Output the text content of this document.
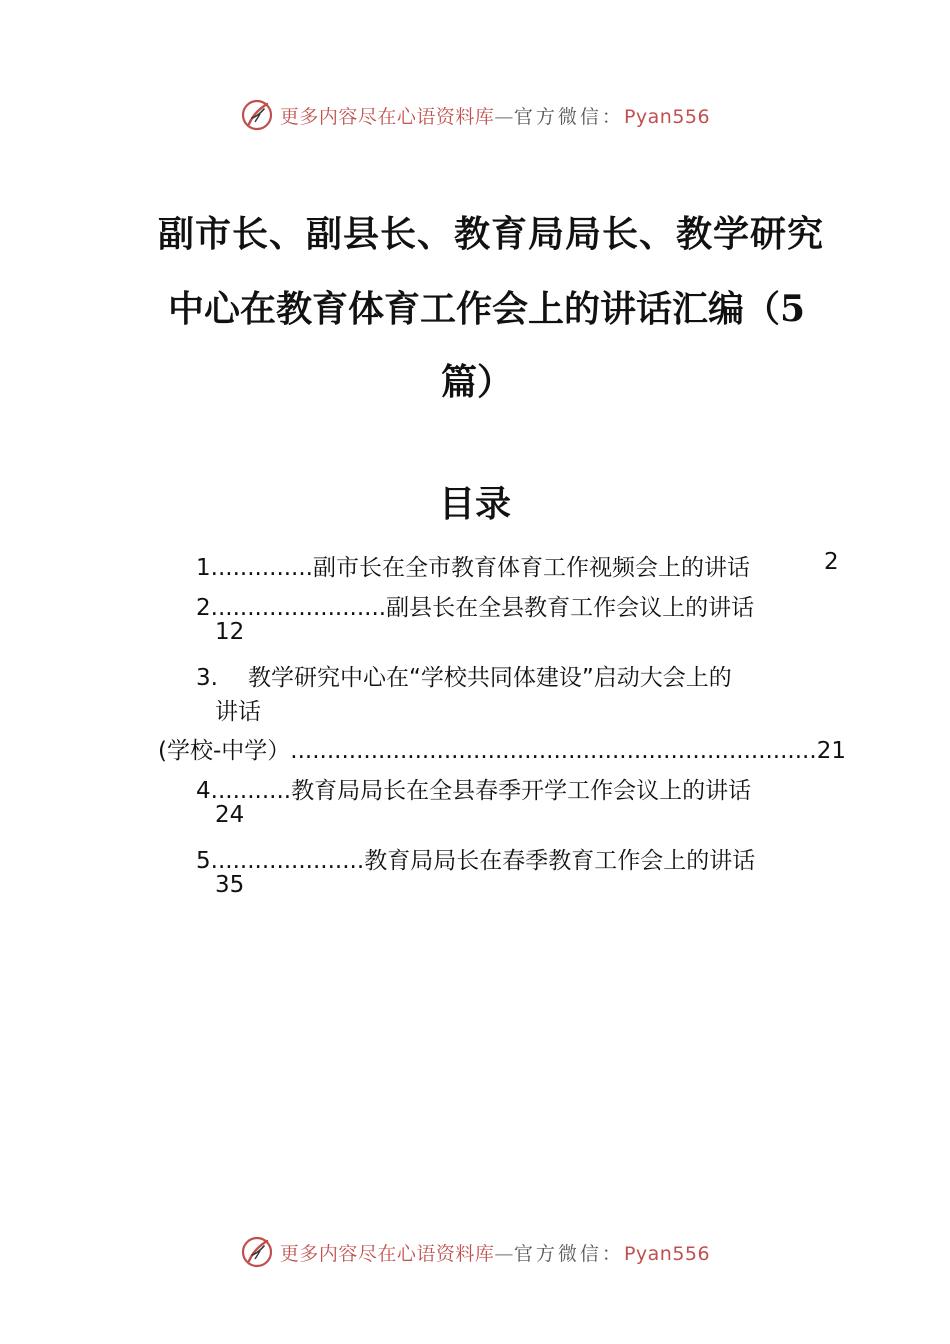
更多内容尽在心语资料库—官方微信：Pyan556
副市长、副县长、教育局局长、教学研究
中心在教育体育工作会上的讲话汇编（5
篇）
目录
1..............副市长在全市教育体育工作视频会上的讲话	2
2........................副县长在全县教育工作会议上的讲话
12
3. 教学研究中心在“学校共同体建设”启动大会上的
讲话
(学校-中学）........................................................................21
4...........教育局局长在全县春季开学工作会议上的讲话
24
5.....................教育局局长在春季教育工作会上的讲话
35
更多内容尽在心语资料库—官方微信：Pyan556
